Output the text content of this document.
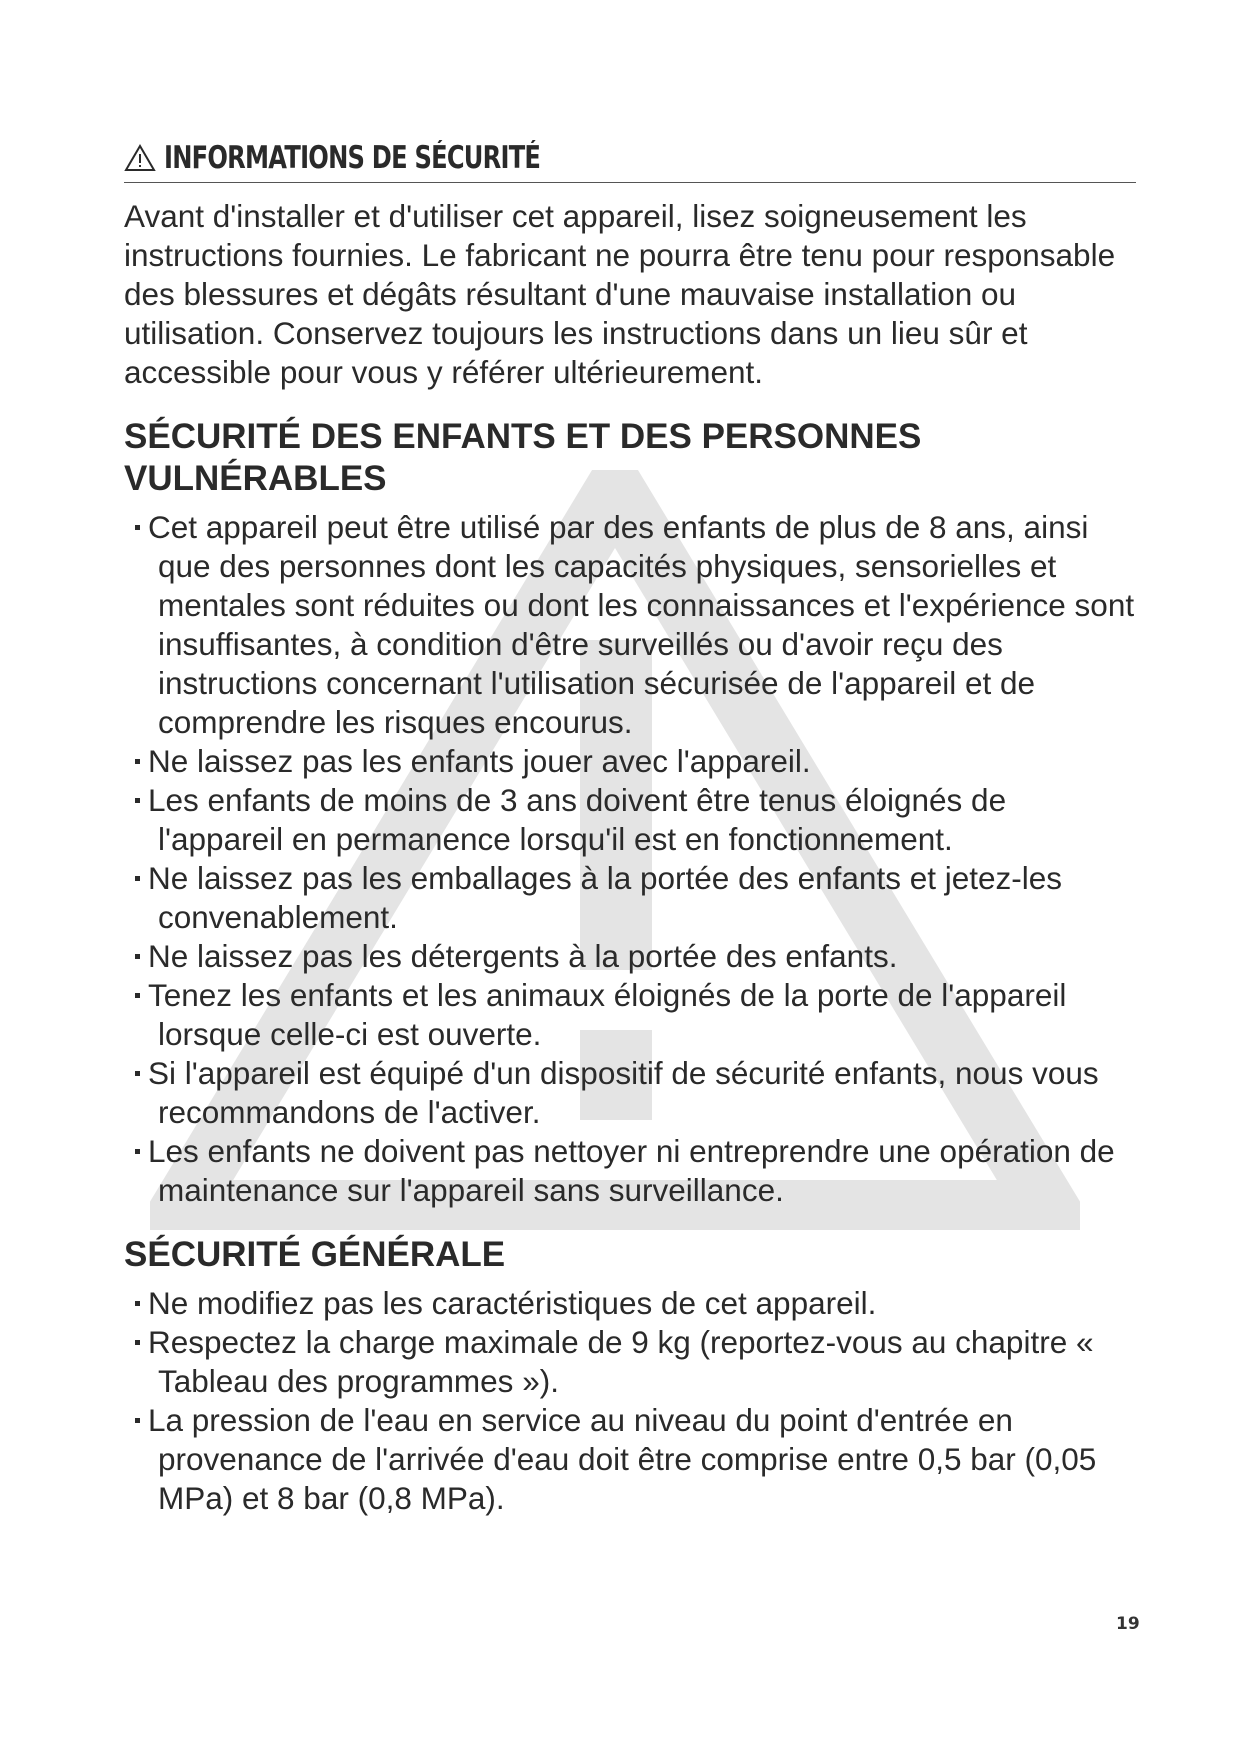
INFORMATIONS DE SÉCURITÉ

Avant d'installer et d'utiliser cet appareil, lisez soigneusement les instructions fournies. Le fabricant ne pourra être tenu pour responsable des blessures et dégâts résultant d'une mauvaise installation ou utilisation. Conservez toujours les instructions dans un lieu sûr et accessible pour vous y référer ultérieurement.

SÉCURITÉ DES ENFANTS ET DES PERSONNES VULNÉRABLES
Cet appareil peut être utilisé par des enfants de plus de 8 ans, ainsi que des personnes dont les capacités physiques, sensorielles et mentales sont réduites ou dont les connaissances et l'expérience sont insuffisantes, à condition d'être surveillés ou d'avoir reçu des instructions concernant l'utilisation sécurisée de l'appareil et de comprendre les risques encourus.
Ne laissez pas les enfants jouer avec l'appareil.
Les enfants de moins de 3 ans doivent être tenus éloignés de l'appareil en permanence lorsqu'il est en fonctionnement.
Ne laissez pas les emballages à la portée des enfants et jetez-les convenablement.
Ne laissez pas les détergents à la portée des enfants.
Tenez les enfants et les animaux éloignés de la porte de l'appareil lorsque celle-ci est ouverte.
Si l'appareil est équipé d'un dispositif de sécurité enfants, nous vous recommandons de l'activer.
Les enfants ne doivent pas nettoyer ni entreprendre une opération de maintenance sur l'appareil sans surveillance.
SÉCURITÉ GÉNÉRALE
Ne modifiez pas les caractéristiques de cet appareil.
Respectez la charge maximale de 9 kg (reportez-vous au chapitre « Tableau des programmes »).
La pression de l'eau en service au niveau du point d'entrée en provenance de l'arrivée d'eau doit être comprise entre 0,5 bar (0,05 MPa) et 8 bar (0,8 MPa).
19
